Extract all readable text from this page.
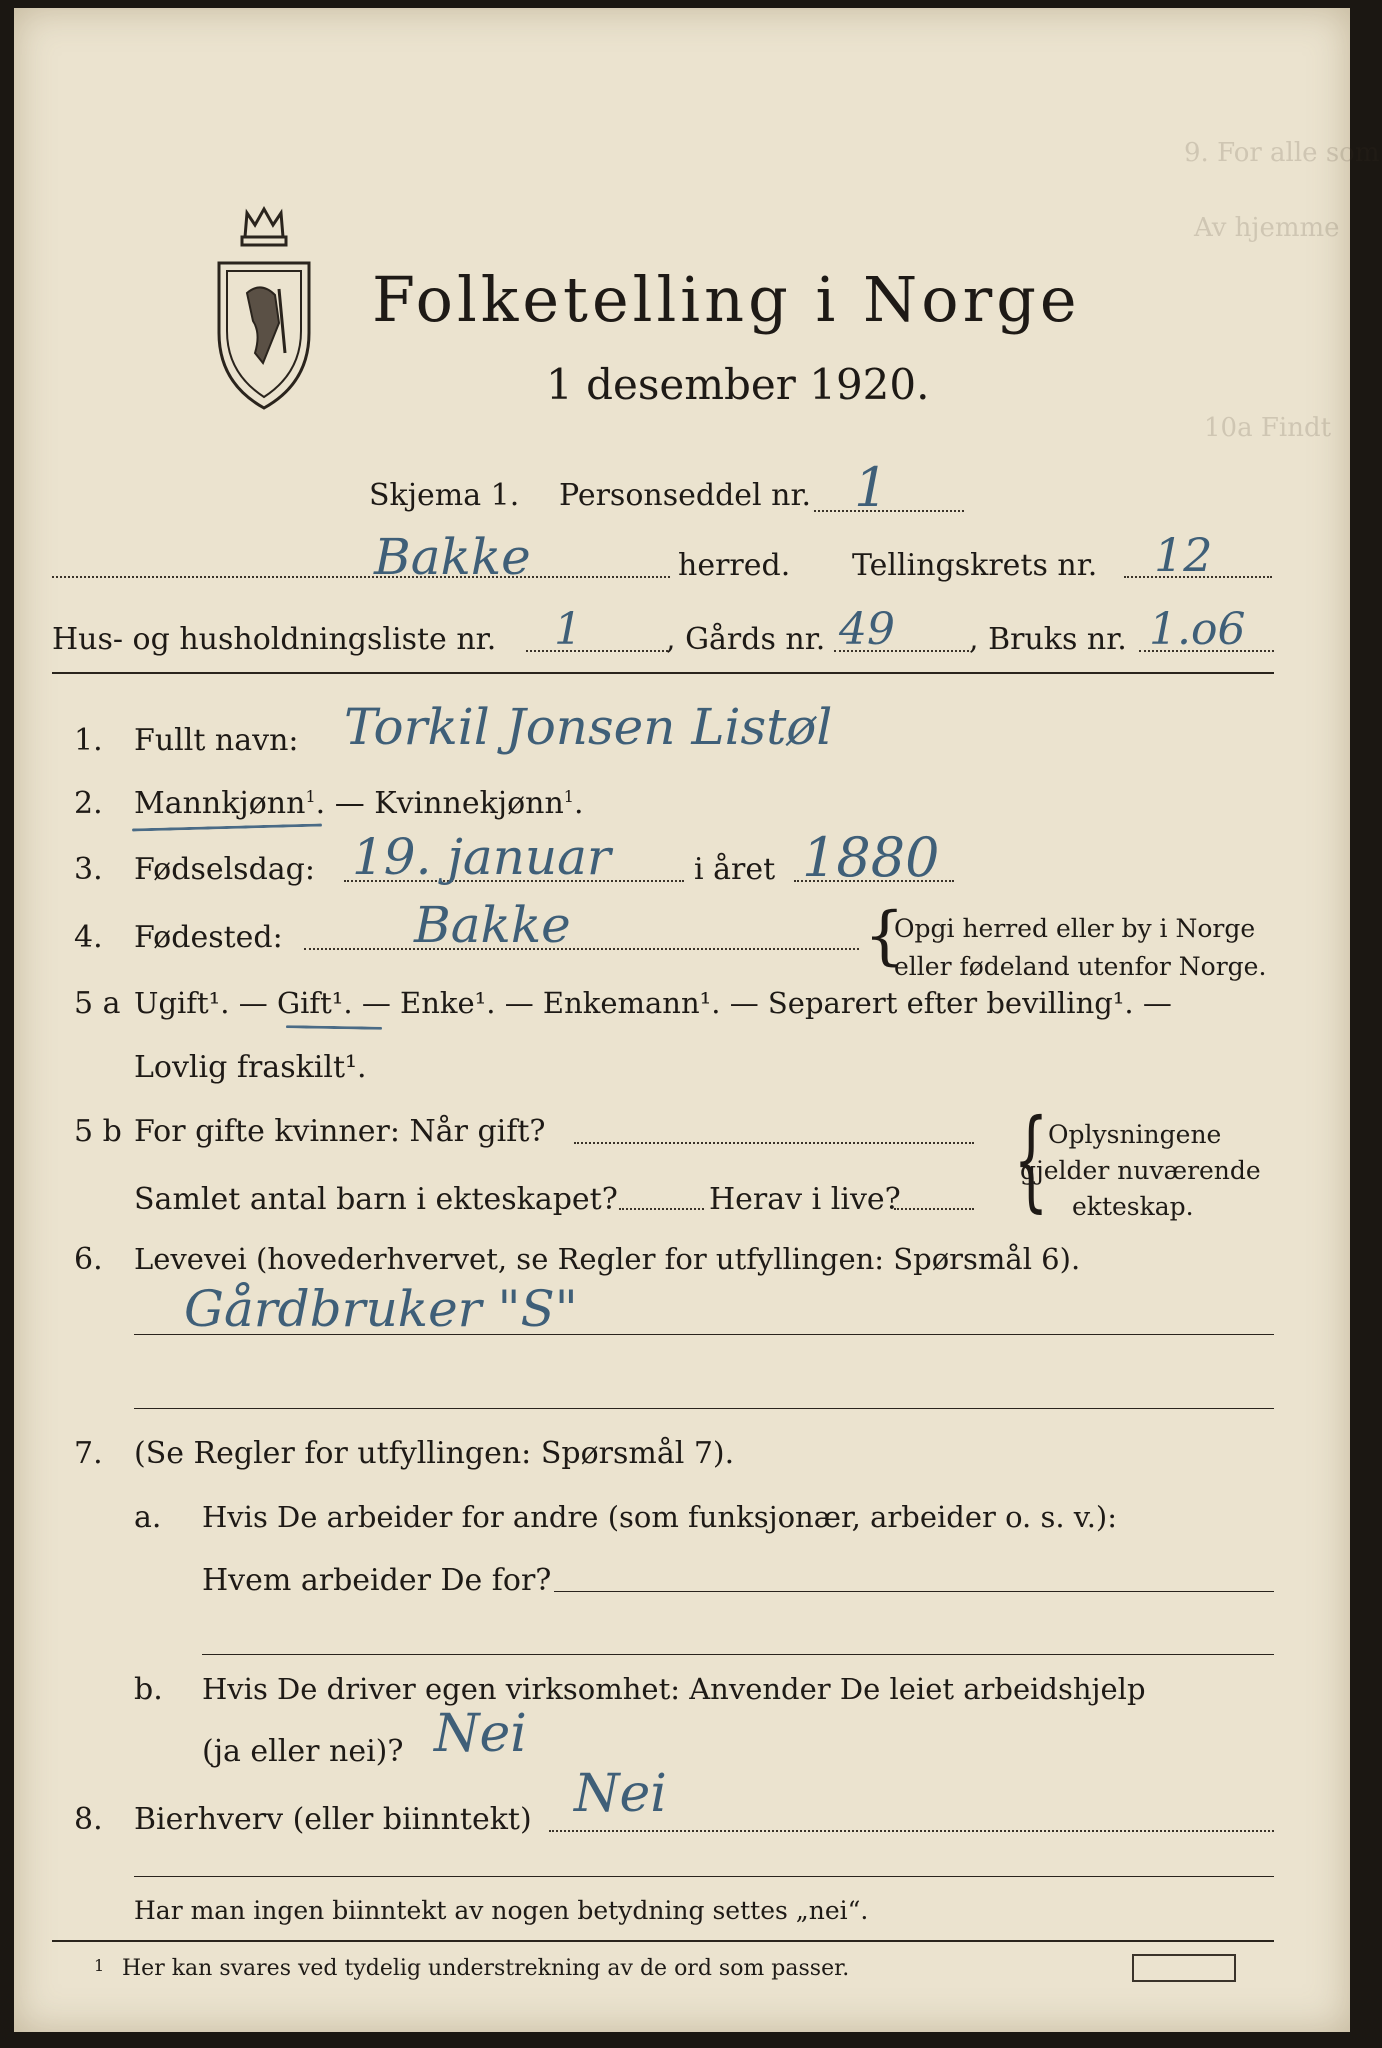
9. For alle som
Av hjemme
10a Findt
Folketelling i Norge
1 desember 1920.
Skjema 1. Personseddel nr. 1
Bakke	herred. Tellingskrets nr. 12
Hus- og husholdningsliste nr. 1	, Gårds nr. 49 , Bruks nr. 1.o6
1. Fullt navn: Torkil Jonsen Listøl
2. Mannkjønn$^1$. — Kvinnekjønn$^1$.
3. Fødselsdag: 19. januar	i året 1880
4. Fødested:	Bakke	{
Opgi herred eller by i Norge
eller fødeland utenfor Norge.
5 a Ugift¹. — Gift¹. — Enke¹. — Enkemann¹. — Separert efter bevilling¹. —
Lovlig fraskilt¹.
5 b For gifte kvinner: Når gift?
Samlet antal barn i ekteskapet?	Herav i live? { Oplysningene
gjelder nuværende
ekteskap.
6. Levevei (hovederhvervet, se Regler for utfyllingen: Spørsmål 6).
Gårdbruker "S"
7. (Se Regler for utfyllingen: Spørsmål 7).
a. Hvis De arbeider for andre (som funksjonær, arbeider o. s. v.):
Hvem arbeider De for?
b. Hvis De driver egen virksomhet: Anvender De leiet arbeidshjelp
(ja eller nei)? Nei
8. Bierhverv (eller biinntekt) Nei
Har man ingen biinntekt av nogen betydning settes „nei“.
1 Her kan svares ved tydelig understrekning av de ord som passer.
